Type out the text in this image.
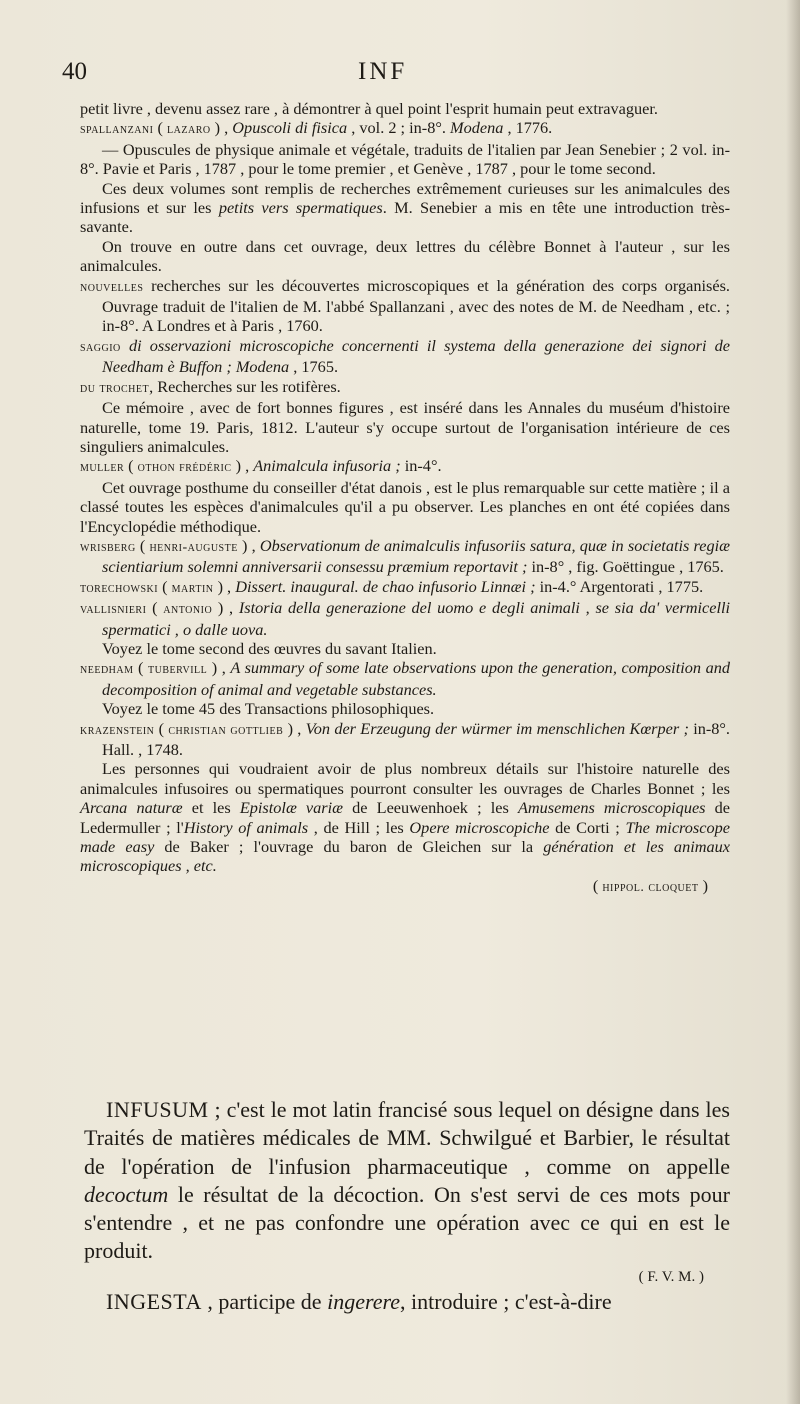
40	INF

petit livre , devenu assez rare , à démontrer à quel point l'esprit humain peut extravaguer.

spallanzani ( lazaro ) , Opuscoli di fisica , vol. 2 ; in-8°. Modena , 1776.

— Opuscules de physique animale et végétale, traduits de l'italien par Jean Senebier ; 2 vol. in-8°. Pavie et Paris , 1787 , pour le tome premier , et Genève , 1787 , pour le tome second.

Ces deux volumes sont remplis de recherches extrêmement curieuses sur les animalcules des infusions et sur les petits vers spermatiques. M. Senebier a mis en tête une introduction très-savante.

On trouve en outre dans cet ouvrage, deux lettres du célèbre Bonnet à l'auteur , sur les animalcules.

nouvelles recherches sur les découvertes microscopiques et la génération des corps organisés. Ouvrage traduit de l'italien de M. l'abbé Spallanzani , avec des notes de M. de Needham , etc. ; in-8°. A Londres et à Paris , 1760.

saggio di osservazioni microscopiche concernenti il systema della generazione dei signori de Needham è Buffon ; Modena , 1765.

du trochet, Recherches sur les rotifères.

Ce mémoire , avec de fort bonnes figures , est inséré dans les Annales du muséum d'histoire naturelle, tome 19. Paris, 1812. L'auteur s'y occupe surtout de l'organisation intérieure de ces singuliers animalcules.

muller ( othon frédéric ) , Animalcula infusoria ; in-4°.

Cet ouvrage posthume du conseiller d'état danois , est le plus remarquable sur cette matière ; il a classé toutes les espèces d'animalcules qu'il a pu observer. Les planches en ont été copiées dans l'Encyclopédie méthodique.

wrisberg ( henri-auguste ) , Observationum de animalculis infusoriis satura, quæ in societatis regiæ scientiarium solemni anniversarii consessu præmium reportavit ; in-8° , fig. Goëttingue , 1765.

torechowski ( martin ) , Dissert. inaugural. de chao infusorio Linnæi ; in-4.° Argentorati , 1775.

vallisnieri ( antonio ) , Istoria della generazione del uomo e degli animali , se sia da' vermicelli spermatici , o dalle uova.

Voyez le tome second des œuvres du savant Italien.

needham ( tubervill ) , A summary of some late observations upon the generation, composition and decomposition of animal and vegetable substances.

Voyez le tome 45 des Transactions philosophiques.

krazenstein ( christian gottlieb ) , Von der Erzeugung der würmer im menschlichen Kœrper ; in-8°. Hall. , 1748.

Les personnes qui voudraient avoir de plus nombreux détails sur l'histoire naturelle des animalcules infusoires ou spermatiques pourront consulter les ouvrages de Charles Bonnet ; les Arcana naturæ et les Epistolæ variæ de Leeuwenhoek ; les Amusemens microscopiques de Ledermuller ; l'History of animals , de Hill ; les Opere microscopiche de Corti ; The microscope made easy de Baker ; l'ouvrage du baron de Gleichen sur la génération et les animaux microscopiques , etc.

( hippol. cloquet )

INFUSUM ; c'est le mot latin francisé sous lequel on désigne dans les Traités de matières médicales de MM. Schwilgué et Barbier, le résultat de l'opération de l'infusion pharmaceutique , comme on appelle decoctum le résultat de la décoction. On s'est servi de ces mots pour s'entendre , et ne pas confondre une opération avec ce qui en est le produit.

( F. V. M. )

INGESTA , participe de ingerere, introduire ; c'est-à-dire
